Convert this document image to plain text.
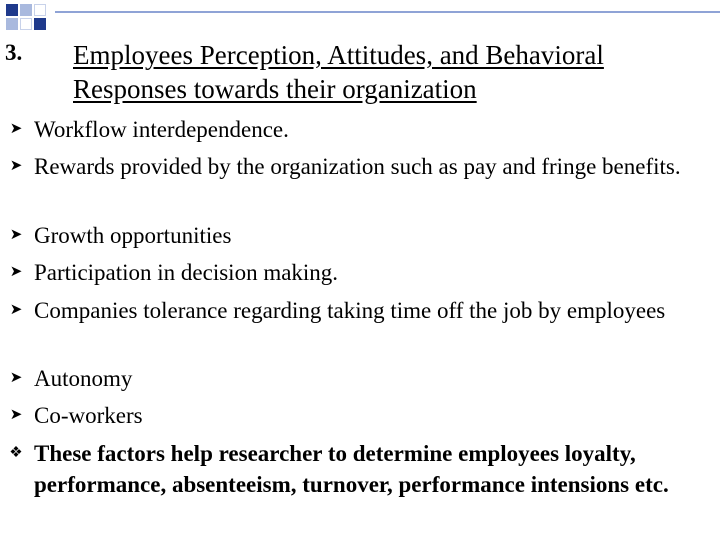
3. Employees Perception, Attitudes, and Behavioral Responses towards their organization
➤ Workflow interdependence.
➤ Rewards provided by the organization such as pay and fringe benefits.
➤ Growth opportunities
➤ Participation in decision making.
➤ Companies tolerance regarding taking time off the job by employees
➤ Autonomy
➤ Co-workers
❖ These factors help researcher to determine employees loyalty, performance, absenteeism, turnover, performance intensions etc.
